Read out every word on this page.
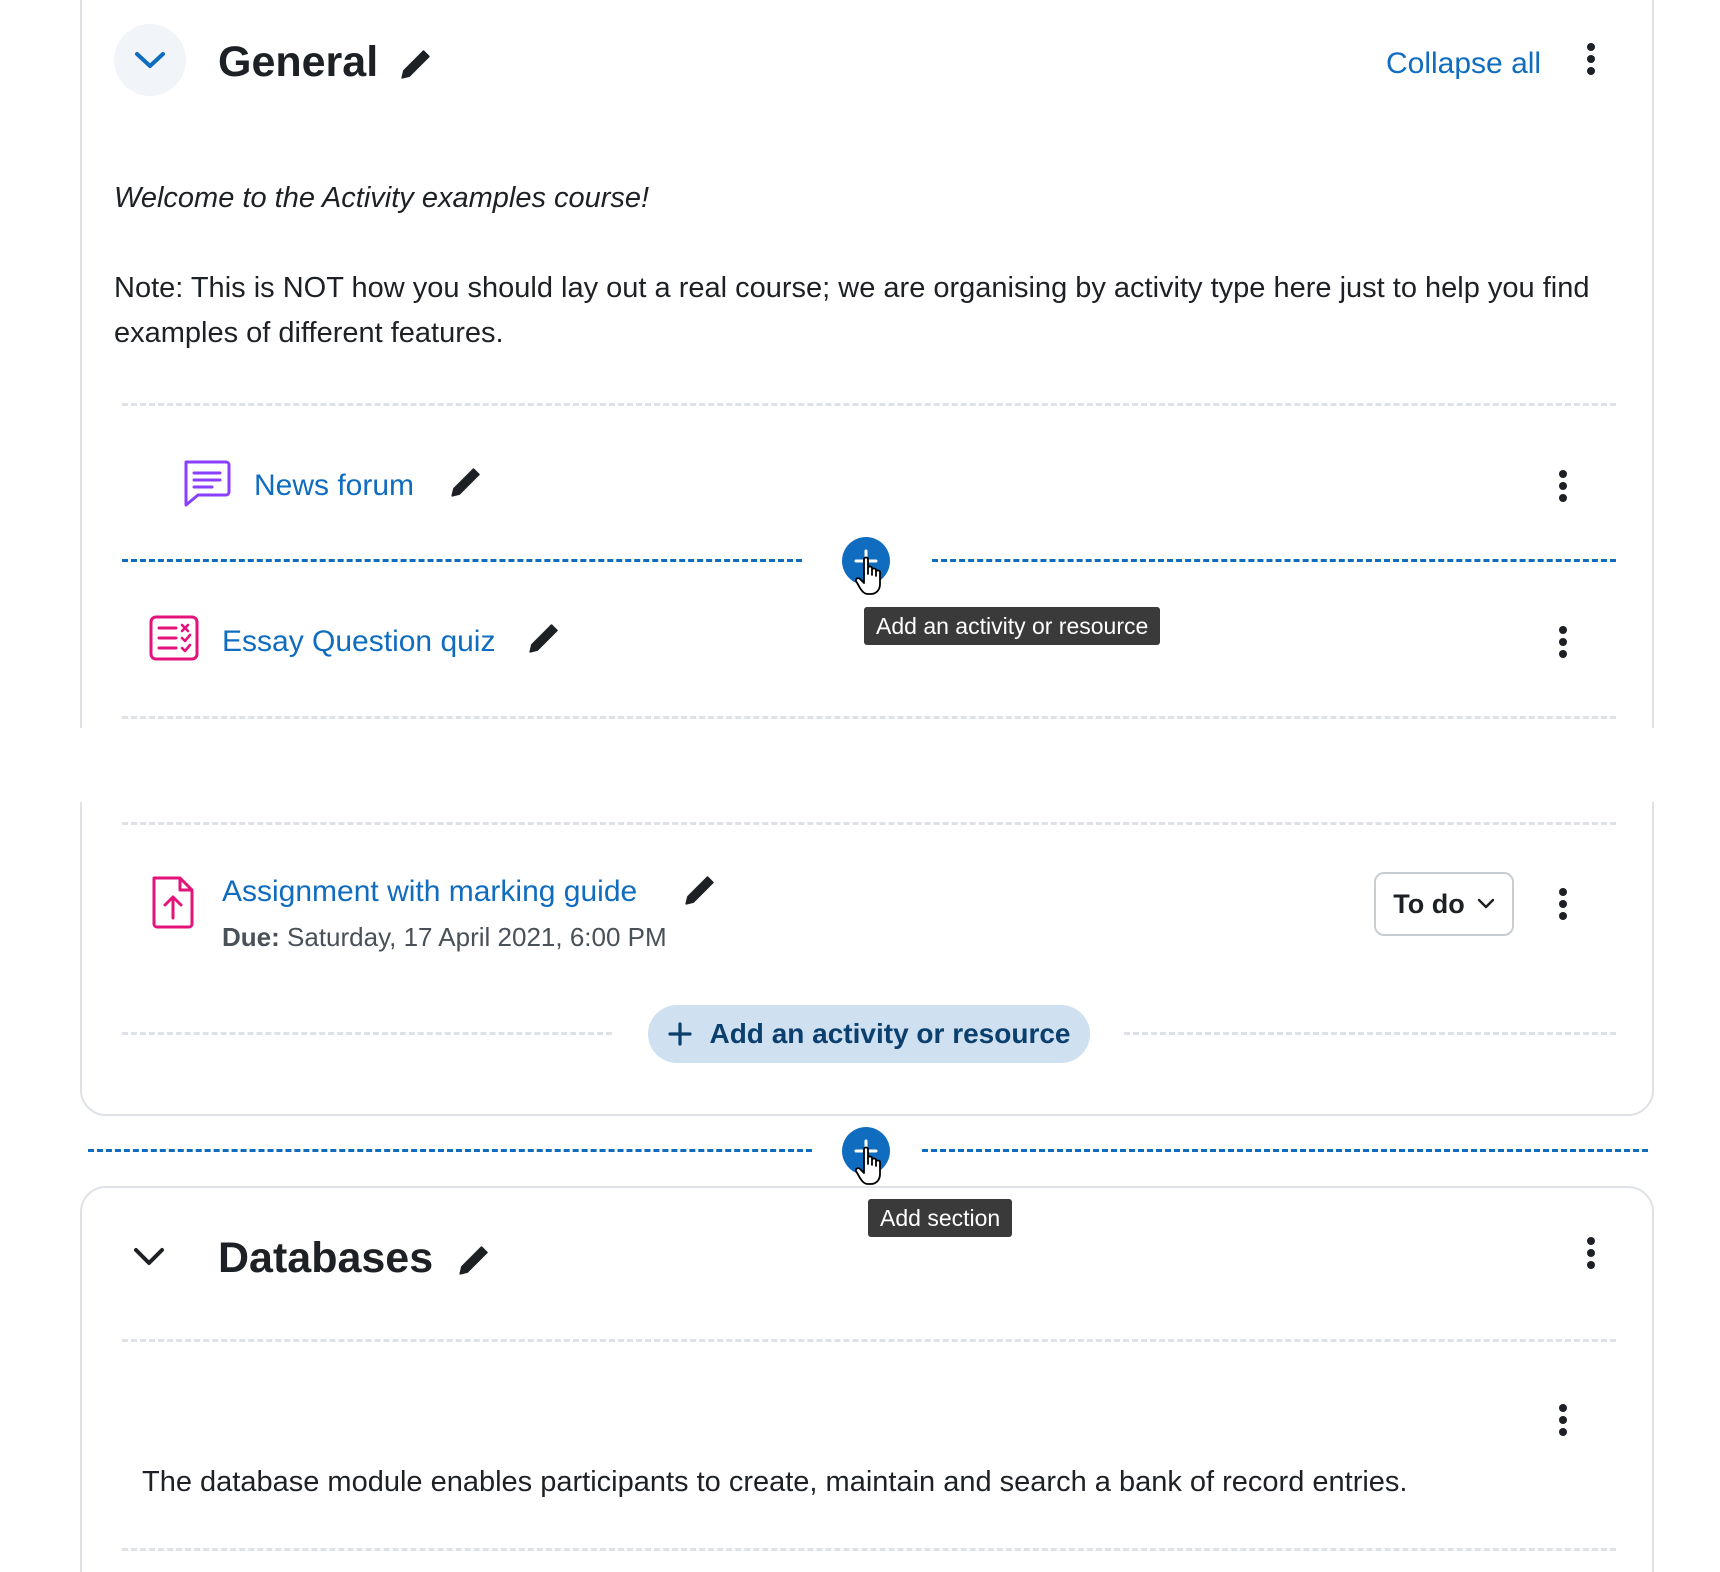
General	Collapse all
Welcome to the Activity examples course!
Note: This is NOT how you should lay out a real course; we are organising by activity type here just to help you find examples of different features.
News forum
Add an activity or resource
Essay Question quiz
Assignment with marking guide
Due: Saturday, 17 April 2021, 6:00 PM
To do
Add an activity or resource
Add section
Databases
The database module enables participants to create, maintain and search a bank of record entries.
